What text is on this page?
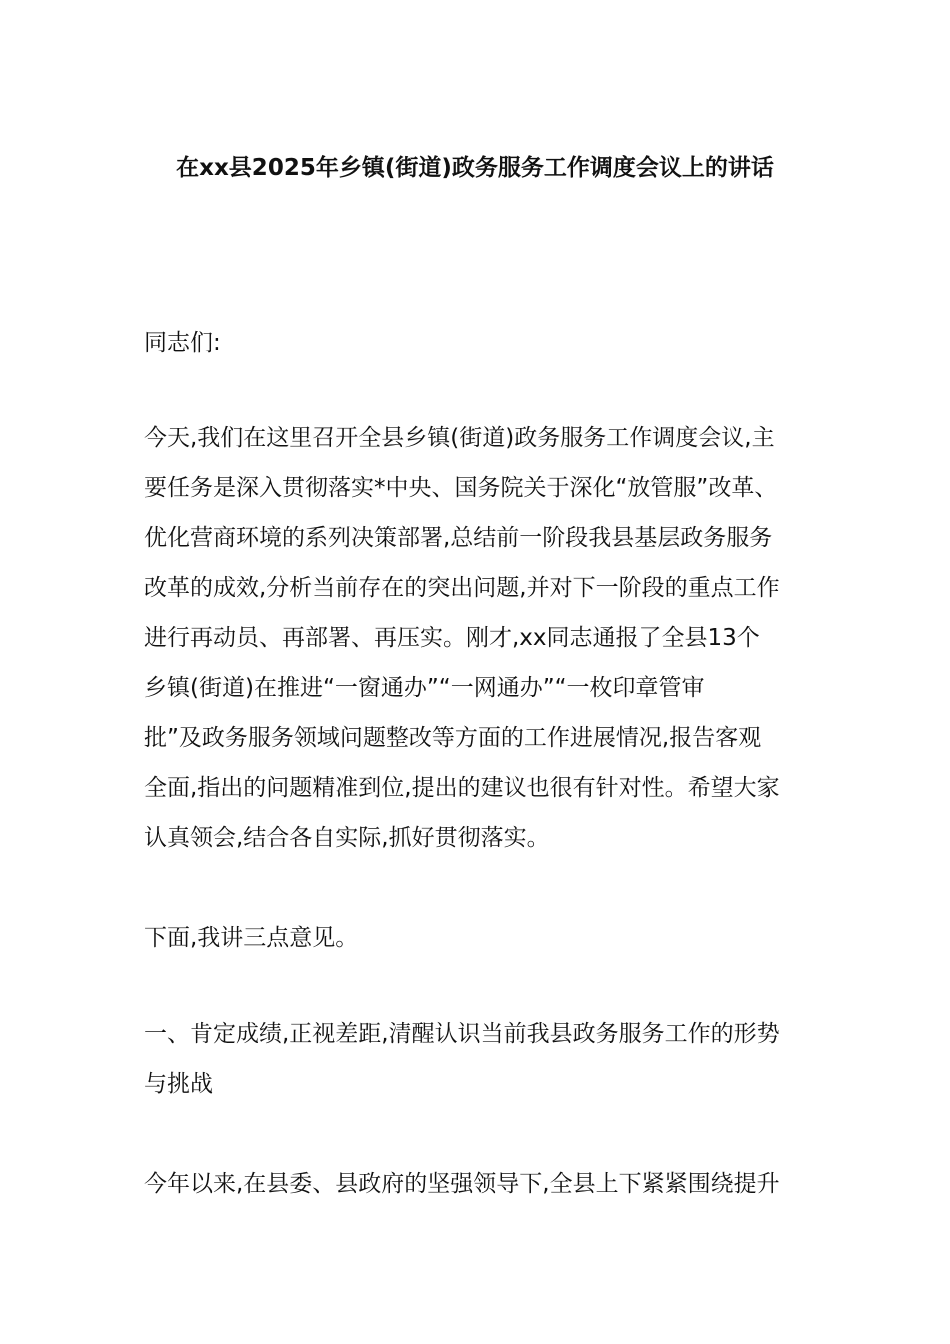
在xx县2025年乡镇(街道)政务服务工作调度会议上的讲话

同志们:

今天,我们在这里召开全县乡镇(街道)政务服务工作调度会议,主
要任务是深入贯彻落实*中央、国务院关于深化“放管服”改革、
优化营商环境的系列决策部署,总结前一阶段我县基层政务服务
改革的成效,分析当前存在的突出问题,并对下一阶段的重点工作
进行再动员、再部署、再压实。刚才,xx同志通报了全县13个
乡镇(街道)在推进“一窗通办”“一网通办”“一枚印章管审
批”及政务服务领域问题整改等方面的工作进展情况,报告客观
全面,指出的问题精准到位,提出的建议也很有针对性。希望大家
认真领会,结合各自实际,抓好贯彻落实。

下面,我讲三点意见。

一、肯定成绩,正视差距,清醒认识当前我县政务服务工作的形势
与挑战

今年以来,在县委、县政府的坚强领导下,全县上下紧紧围绕提升
